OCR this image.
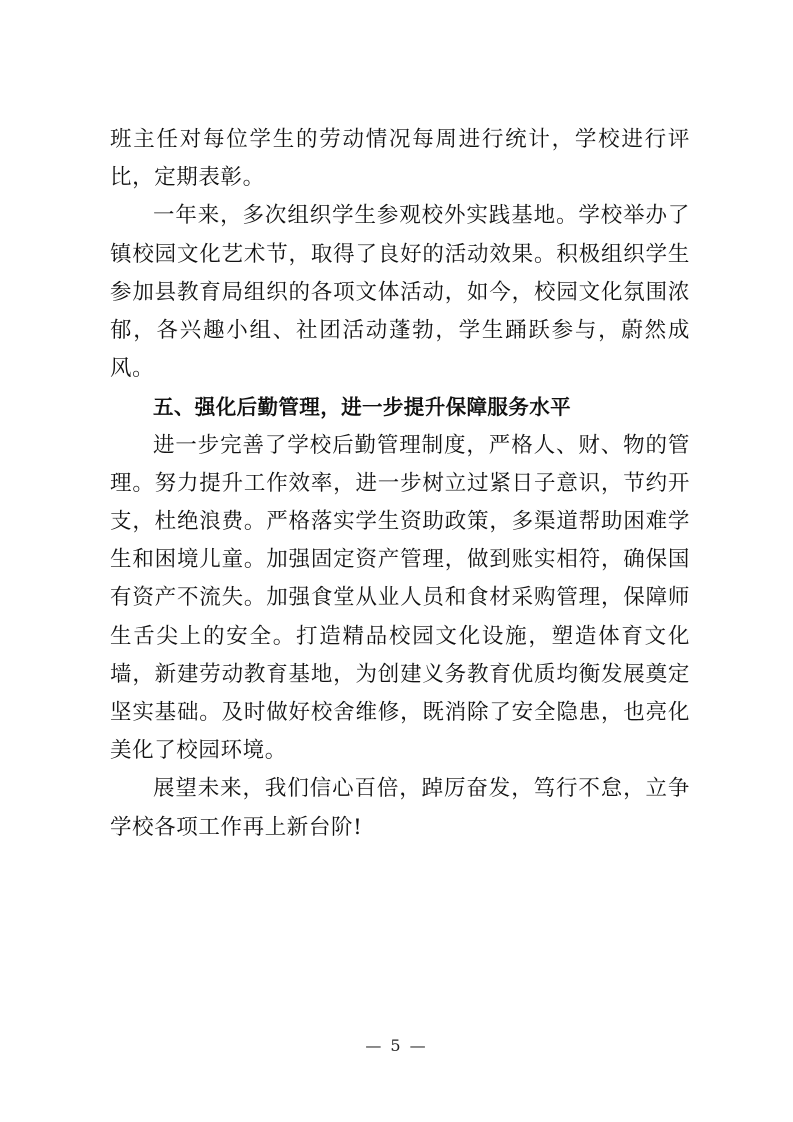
班主任对每位学生的劳动情况每周进行统计，学校进行评比，定期表彰。

一年来，多次组织学生参观校外实践基地。学校举办了镇校园文化艺术节，取得了良好的活动效果。积极组织学生参加县教育局组织的各项文体活动，如今，校园文化氛围浓郁，各兴趣小组、社团活动蓬勃，学生踊跃参与，蔚然成风。

五、强化后勤管理，进一步提升保障服务水平

进一步完善了学校后勤管理制度，严格人、财、物的管理。努力提升工作效率，进一步树立过紧日子意识，节约开支，杜绝浪费。严格落实学生资助政策，多渠道帮助困难学生和困境儿童。加强固定资产管理，做到账实相符，确保国有资产不流失。加强食堂从业人员和食材采购管理，保障师生舌尖上的安全。打造精品校园文化设施，塑造体育文化墙，新建劳动教育基地，为创建义务教育优质均衡发展奠定坚实基础。及时做好校舍维修，既消除了安全隐患，也亮化美化了校园环境。

展望未来，我们信心百倍，踔厉奋发，笃行不怠，立争学校各项工作再上新台阶!

— 5 —
